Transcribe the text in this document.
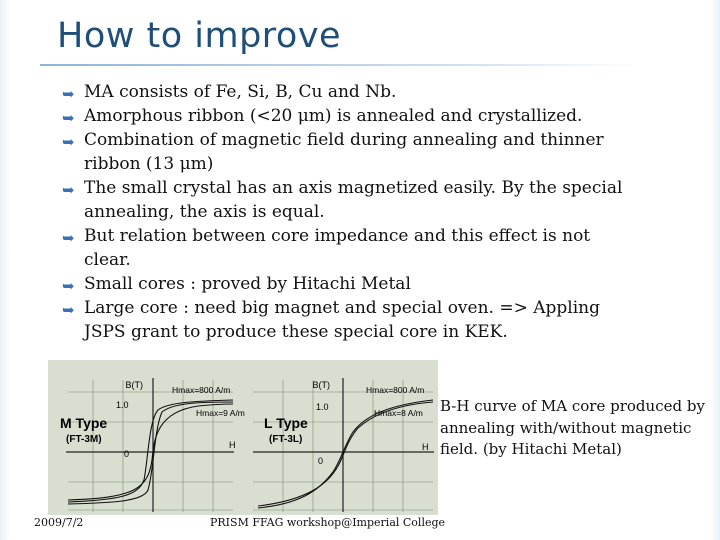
How to improve
➥ MA consists of Fe, Si, B, Cu and Nb.
➥ Amorphous ribbon (<20 μm) is annealed and crystallized.
➥ Combination of magnetic field during annealing and thinner ribbon (13 μm)
➥ The small crystal has an axis magnetized easily. By the special annealing, the axis is equal.
➥ But relation between core impedance and this effect is not clear.
➥ Small cores : proved by Hitachi Metal
➥ Large core : need big magnet and special oven. => Appling JSPS grant to produce these special core in KEK.
B(T)	Hmax=800 A/m
Hmax=9 A/m
1.0
0
H
M Type
(FT-3M)
B(T)	Hmax=800 A/m
Hmax=8 A/m
1.0
0
H
L Type
(FT-3L)
B-H curve of MA core produced by annealing with/without magnetic field. (by Hitachi Metal)
2009/7/2	PRISM FFAG workshop@Imperial College
